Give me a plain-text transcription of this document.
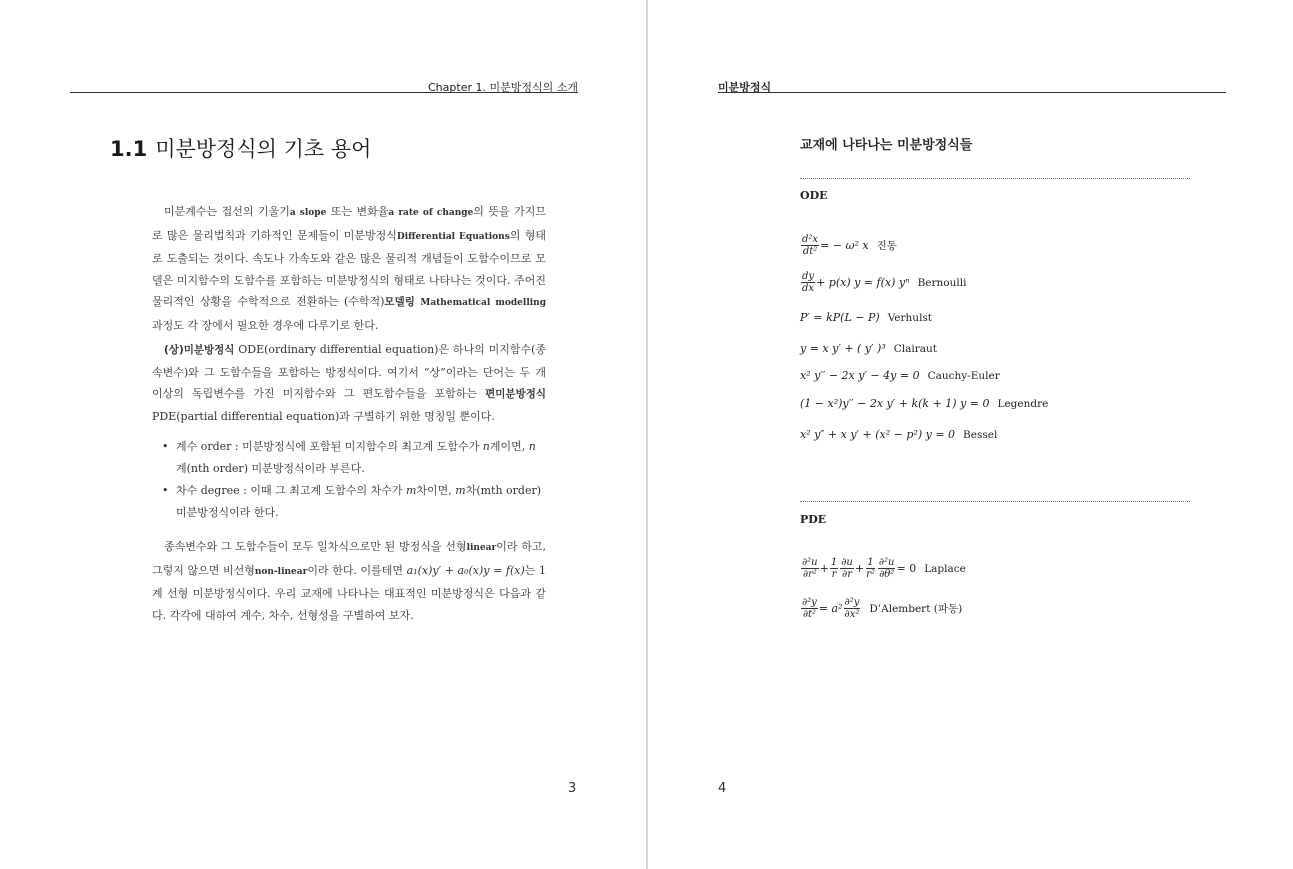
Chapter 1. 미분방정식의 소개
1.1 미분방정식의 기초 용어
미분계수는 접선의 기울기a slope 또는 변화율a rate of change의 뜻을 가지므로 많은 물리법칙과 기하적인 문제들이 미분방정식Differential Equations의 형태로 도출되는 것이다. 속도나 가속도와 같은 많은 물리적 개념들이 도함수이므로 모델은 미지함수의 도함수를 포함하는 미분방정식의 형태로 나타나는 것이다. 주어진 물리적인 상황을 수학적으로 전환하는 (수학적)모델링 Mathematical modelling 과정도 각 장에서 필요한 경우에 다루기로 한다.
(상)미분방정식 ODE(ordinary differential equation)은 하나의 미지함수(종속변수)와 그 도함수들을 포함하는 방정식이다. 여기서 “상”이라는 단어는 두 개 이상의 독립변수를 가진 미지함수와 그 편도함수들을 포함하는 편미분방정식 PDE(partial differential equation)과 구별하기 위한 명칭일 뿐이다.
• 계수 order : 미분방정식에 포함된 미지함수의 최고계 도함수가 n계이면, n계(nth order) 미분방정식이라 부른다.
• 차수 degree : 이때 그 최고계 도함수의 차수가 m차이면, m차(mth order) 미분방정식이라 한다.
종속변수와 그 도함수들이 모두 일차식으로만 된 방정식을 선형linear이라 하고, 그렇지 않으면 비선형non-linear이라 한다. 이를테면 a₁(x)y′ + a₀(x)y = f(x)는 1계 선형 미분방정식이다. 우리 교재에 나타나는 대표적인 미분방정식은 다음과 같다. 각각에 대하여 계수, 차수, 선형성을 구별하여 보자.
3
미분방정식
교재에 나타나는 미분방정식들
ODE
$\frac{\text{d²x}}{\text{dt²}}$ = − ω² x 진동
$\frac{dy}{dx} + p(x) y = f(x)$ yⁿ Bernoulli
P′ = kP(L − P) Verhulst
y = x y′ + ( y′ )³ Clairaut
x² y′′ − 2x y′ − 4y = 0 Cauchy-Euler
(1 − x²)y′′ − 2x y′ + k(k + 1) y = 0 Legendre
x² y″ + x y′ + (x² − p²) y = 0 Bessel
PDE
$\frac{\text{∂²u}}{\text{∂r²}} + \frac{1}{r} \frac{\partial u}{\partial r} + \frac{1}{\text{r²}} \frac{\text{∂²u}}{\text{∂θ²}} = 0$ Laplace
$\frac{\text{∂²y}}{\text{∂t²}} = a^2 \frac{\text{∂²y}}{\text{∂x²}}$ D’Alembert (파동)
4
